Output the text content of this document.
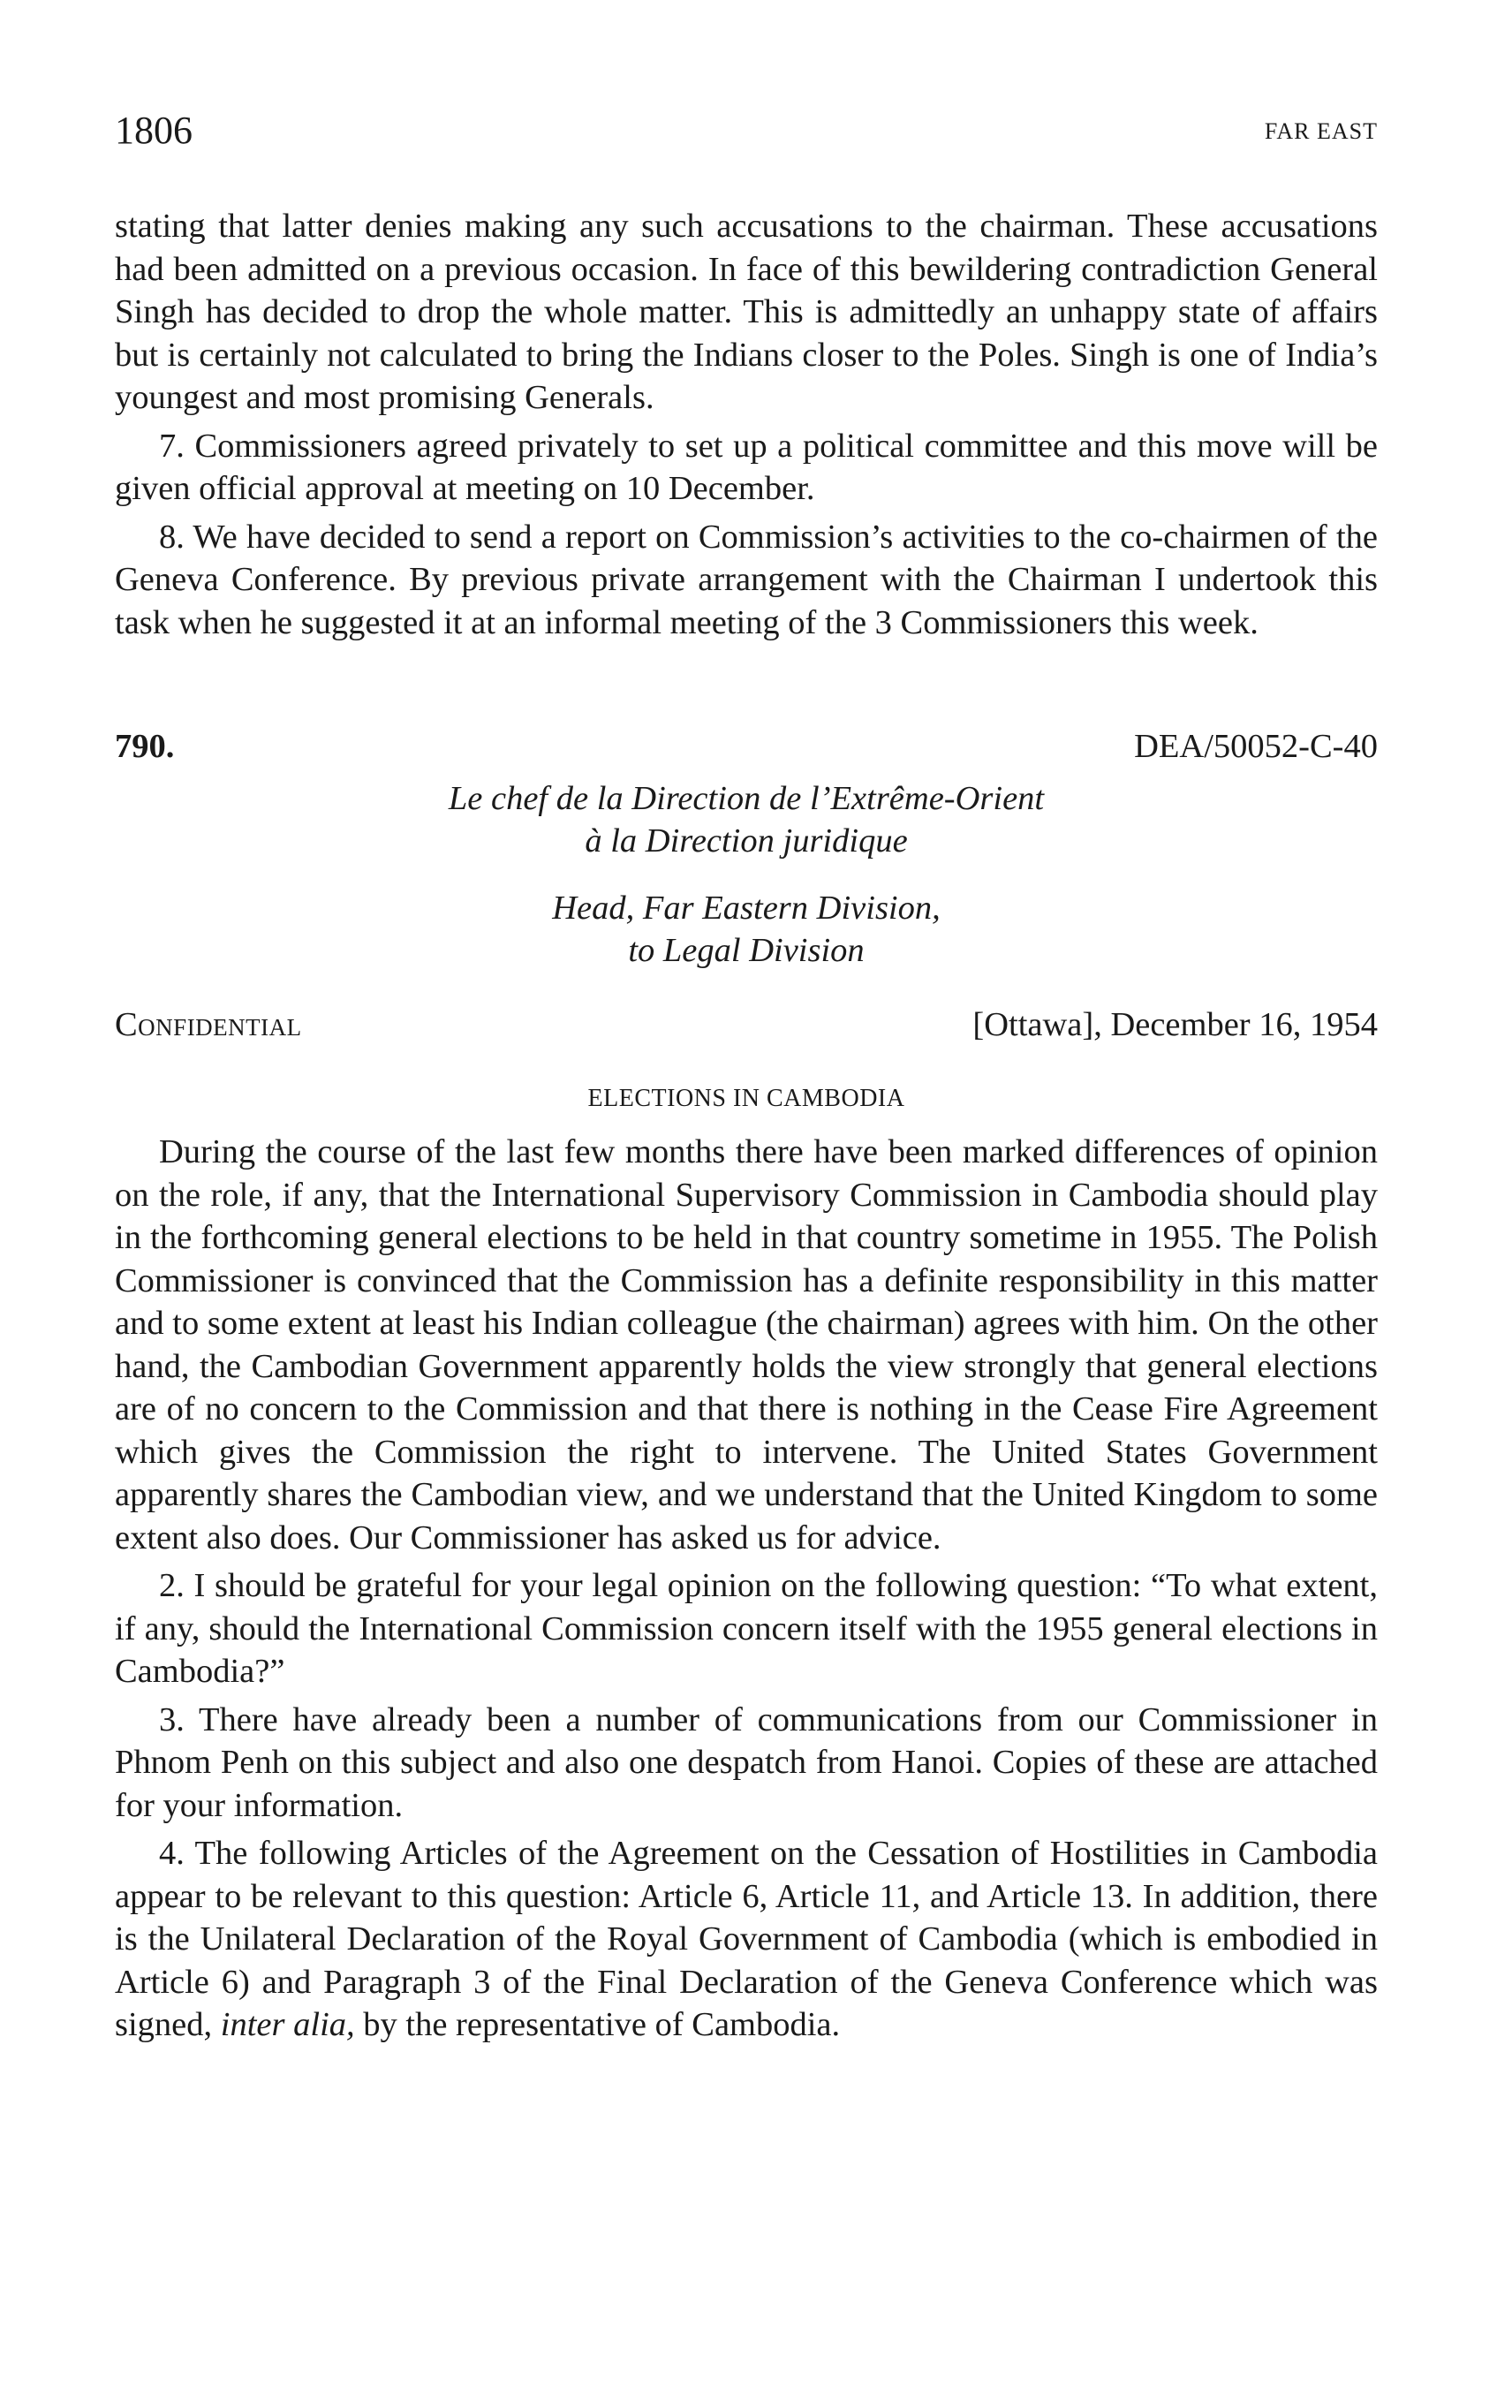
1806	FAR EAST

stating that latter denies making any such accusations to the chairman. These accusations had been admitted on a previous occasion. In face of this bewildering contradiction General Singh has decided to drop the whole matter. This is admittedly an unhappy state of affairs but is certainly not calculated to bring the Indians closer to the Poles. Singh is one of India’s youngest and most promising Generals.

7. Commissioners agreed privately to set up a political committee and this move will be given official approval at meeting on 10 December.

8. We have decided to send a report on Commission’s activities to the co-chairmen of the Geneva Conference. By previous private arrangement with the Chairman I undertook this task when he suggested it at an informal meeting of the 3 Commissioners this week.

790.	DEA/50052-C-40
Le chef de la Direction de l’Extrême-Orient
à la Direction juridique
Head, Far Eastern Division,
to Legal Division
Confidential	[Ottawa], December 16, 1954
ELECTIONS IN CAMBODIA

During the course of the last few months there have been marked differences of opinion on the role, if any, that the International Supervisory Commission in Cambodia should play in the forthcoming general elections to be held in that country sometime in 1955. The Polish Commissioner is convinced that the Commission has a definite responsibility in this matter and to some extent at least his Indian colleague (the chairman) agrees with him. On the other hand, the Cambodian Government apparently holds the view strongly that general elections are of no concern to the Commission and that there is nothing in the Cease Fire Agreement which gives the Commission the right to intervene. The United States Government apparently shares the Cambodian view, and we understand that the United Kingdom to some extent also does. Our Commissioner has asked us for advice.

2. I should be grateful for your legal opinion on the following question: “To what extent, if any, should the International Commission concern itself with the 1955 general elections in Cambodia?”

3. There have already been a number of communications from our Commissioner in Phnom Penh on this subject and also one despatch from Hanoi. Copies of these are attached for your information.

4. The following Articles of the Agreement on the Cessation of Hostilities in Cambodia appear to be relevant to this question: Article 6, Article 11, and Article 13. In addition, there is the Unilateral Declaration of the Royal Government of Cambodia (which is embodied in Article 6) and Paragraph 3 of the Final Declaration of the Geneva Conference which was signed, inter alia, by the representative of Cambodia.
